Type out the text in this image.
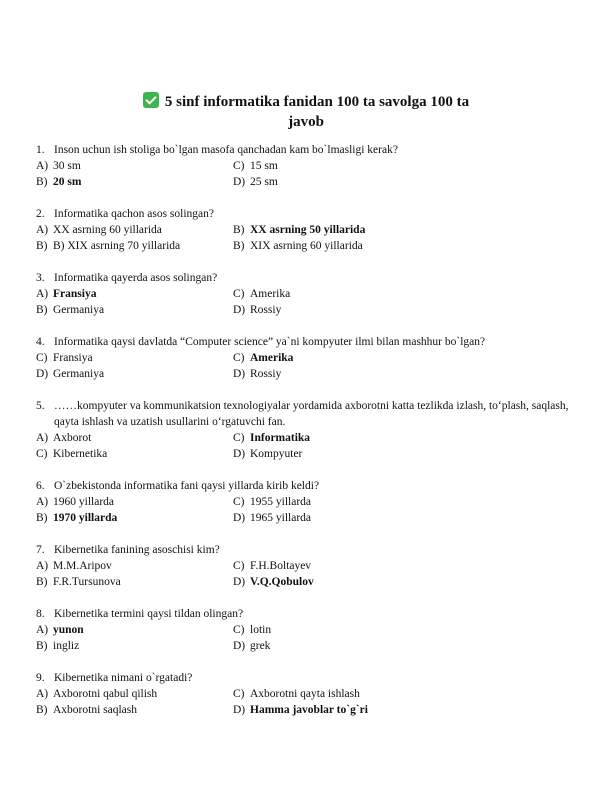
5 sinf informatika fanidan 100 ta savolga 100 ta
javob
1. Inson uchun ish stoliga bo`lgan masofa qanchadan kam bo`lmasligi kerak?
A) 30 sm	C) 15 sm
B) 20 sm	D) 25 sm
2. Informatika qachon asos solingan?
A) XX asrning 60 yillarida	B) XX asrning 50 yillarida
B) B) XIX asrning 70 yillarida	B) XIX asrning 60 yillarida
3. Informatika qayerda asos solingan?
A) Fransiya	C) Amerika
B) Germaniya	D) Rossiy
4. Informatika qaysi davlatda “Computer science” ya`ni kompyuter ilmi bilan mashhur bo`lgan?
C) Fransiya	C) Amerika
D) Germaniya	D) Rossiy
5. ……kompyuter va kommunikatsion texnologiyalar yordamida axborotni katta tezlikda izlash, to‘plash, saqlash, qayta ishlash va uzatish usullarini o‘rgatuvchi fan.
A) Axborot	C) Informatika
C) Kibernetika	D) Kompyuter
6. O`zbekistonda informatika fani qaysi yillarda kirib keldi?
A) 1960 yillarda	C) 1955 yillarda
B) 1970 yillarda	D) 1965 yillarda
7. Kibernetika fanining asoschisi kim?
A) M.M.Aripov	C) F.H.Boltayev
B) F.R.Tursunova	D) V.Q.Qobulov
8. Kibernetika termini qaysi tildan olingan?
A) yunon	C) lotin
B) ingliz	D) grek
9. Kibernetika nimani o`rgatadi?
A) Axborotni qabul qilish	C) Axborotni qayta ishlash
B) Axborotni saqlash	D) Hamma javoblar to`g`ri
